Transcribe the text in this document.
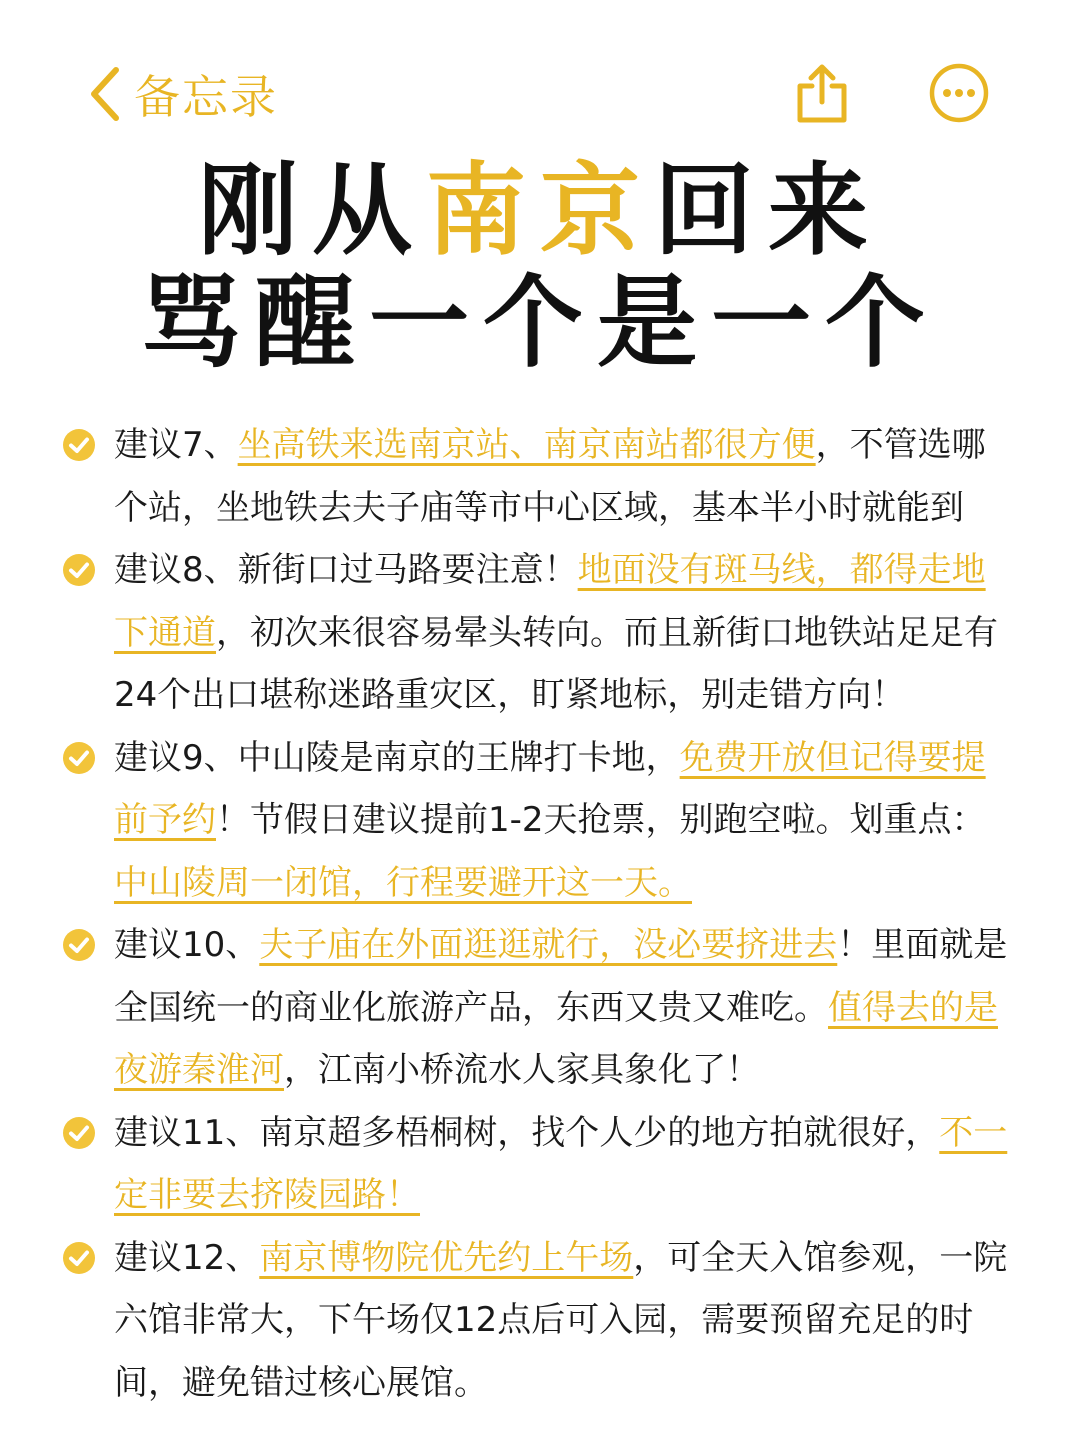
备忘录
刚从南京回来
骂醒一个是一个
建议7、坐高铁来选南京站、南京南站都很方便，不管选哪个站，坐地铁去夫子庙等市中心区域，基本半小时就能到
建议8、新街口过马路要注意！地面没有斑马线，都得走地下通道，初次来很容易晕头转向。而且新街口地铁站足足有24个出口堪称迷路重灾区，盯紧地标，别走错方向！
建议9、中山陵是南京的王牌打卡地，免费开放但记得要提前予约！节假日建议提前1-2天抢票，别跑空啦。划重点：中山陵周一闭馆，行程要避开这一天。
建议10、夫子庙在外面逛逛就行，没必要挤进去！里面就是全国统一的商业化旅游产品，东西又贵又难吃。值得去的是夜游秦淮河，江南小桥流水人家具象化了！
建议11、南京超多梧桐树，找个人少的地方拍就很好，不一定非要去挤陵园路！
建议12、南京博物院优先约上午场，可全天入馆参观，一院六馆非常大，下午场仅12点后可入园，需要预留充足的时间，避免错过核心展馆。
